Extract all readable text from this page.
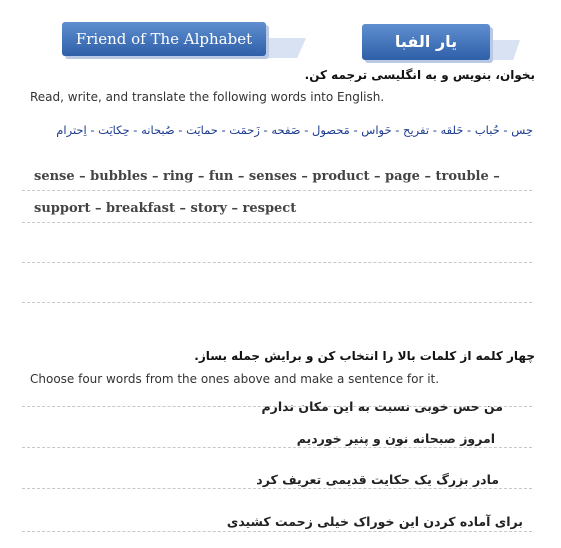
Friend of The Alphabet	یار الفبا
بخوان، بنویس و به انگلیسی ترجمه کن.
Read, write, and translate the following words into English.
حِس - حُباب - حَلقه - تفریح - حَواس - مَحصول - صَفحه - زَحمَت - حمایَت - صُبحانه - حِکایَت - اِحترام
sense – bubbles – ring – fun – senses – product – page – trouble –
support – breakfast – story – respect
چهار کلمه از کلمات بالا را انتخاب کن و برایش جمله بساز.
Choose four words from the ones above and make a sentence for it.
من حس خوبی نسبت به این مکان ندارم
امروز صبحانه نون و پنیر خوردیم
مادر بزرگ یک حکایت قدیمی تعریف کرد
برای آماده کردن این خوراک خیلی زحمت کشیدی
